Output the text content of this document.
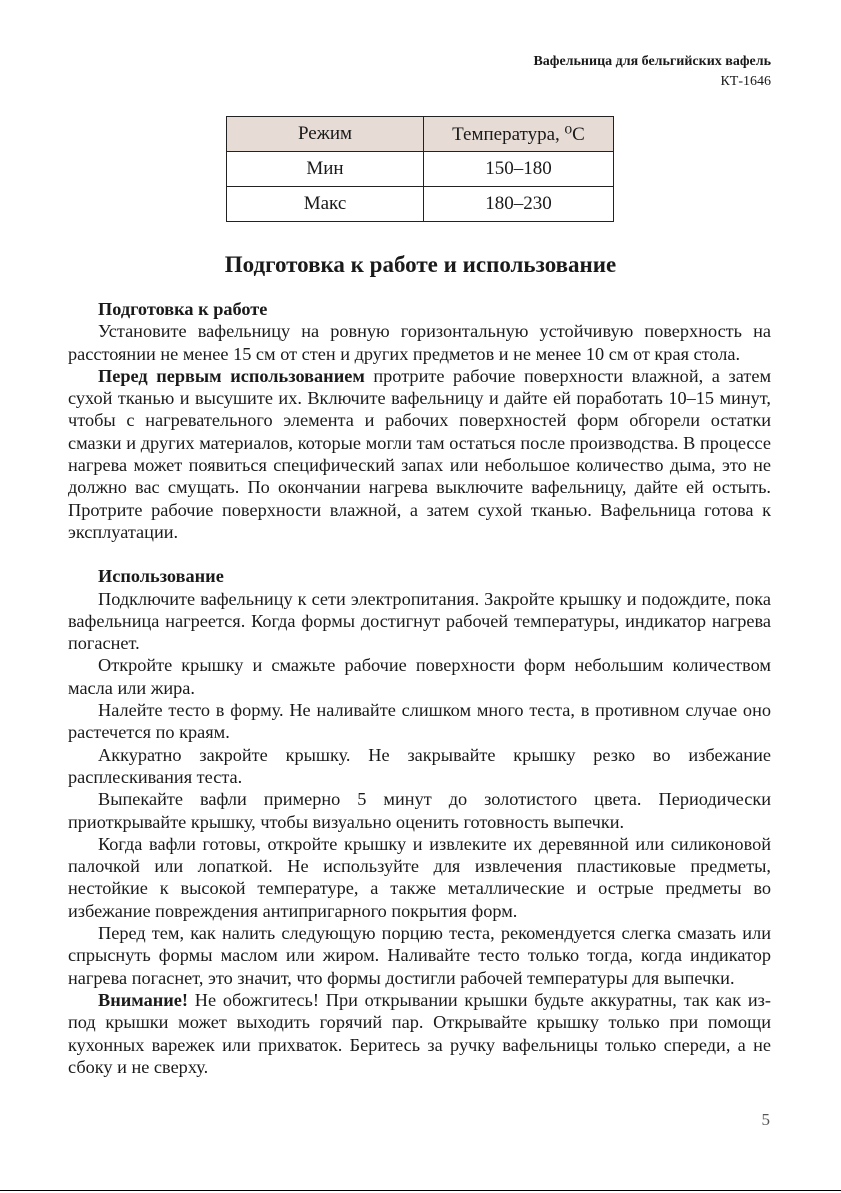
Вафельница для бельгийских вафель
КТ-1646
Режим	Температура, ⁰С
Мин	150–180
Макс	180–230
Подготовка к работе и использование
Подготовка к работе

Установите вафельницу на ровную горизонтальную устойчивую поверхность на расстоянии не менее 15 см от стен и других предметов и не менее 10 см от края стола.

Перед первым использованием протрите рабочие поверхности влажной, а затем сухой тканью и высушите их. Включите вафельницу и дайте ей поработать 10–15 минут, чтобы с нагревательного элемента и рабочих поверхностей форм обгорели остатки смазки и других материалов, которые могли там остаться после производства. В процессе нагрева может появиться специфический запах или небольшое количество дыма, это не должно вас смущать. По окончании нагрева выключите вафельницу, дайте ей остыть. Протрите рабочие поверхности влажной, а затем сухой тканью. Вафельница готова к эксплуатации.

Использование

Подключите вафельницу к сети электропитания. Закройте крышку и подождите, пока вафельница нагреется. Когда формы достигнут рабочей температуры, индикатор нагрева погаснет.

Откройте крышку и смажьте рабочие поверхности форм небольшим количеством масла или жира.

Налейте тесто в форму. Не наливайте слишком много теста, в противном случае оно растечется по краям.

Аккуратно закройте крышку. Не закрывайте крышку резко во избежание расплескивания теста.

Выпекайте вафли примерно 5 минут до золотистого цвета. Периодически приоткрывайте крышку, чтобы визуально оценить готовность выпечки.

Когда вафли готовы, откройте крышку и извлеките их деревянной или силиконовой палочкой или лопаткой. Не используйте для извлечения пластиковые предметы, нестойкие к высокой температуре, а также металлические и острые предметы во избежание повреждения антипригарного покрытия форм.

Перед тем, как налить следующую порцию теста, рекомендуется слегка смазать или спрыснуть формы маслом или жиром. Наливайте тесто только тогда, когда индикатор нагрева погаснет, это значит, что формы достигли рабочей температуры для выпечки.

Внимание! Не обожгитесь! При открывании крышки будьте аккуратны, так как из-под крышки может выходить горячий пар. Открывайте крышку только при помощи кухонных варежек или прихваток. Беритесь за ручку вафельницы только спереди, а не сбоку и не сверху.

5
